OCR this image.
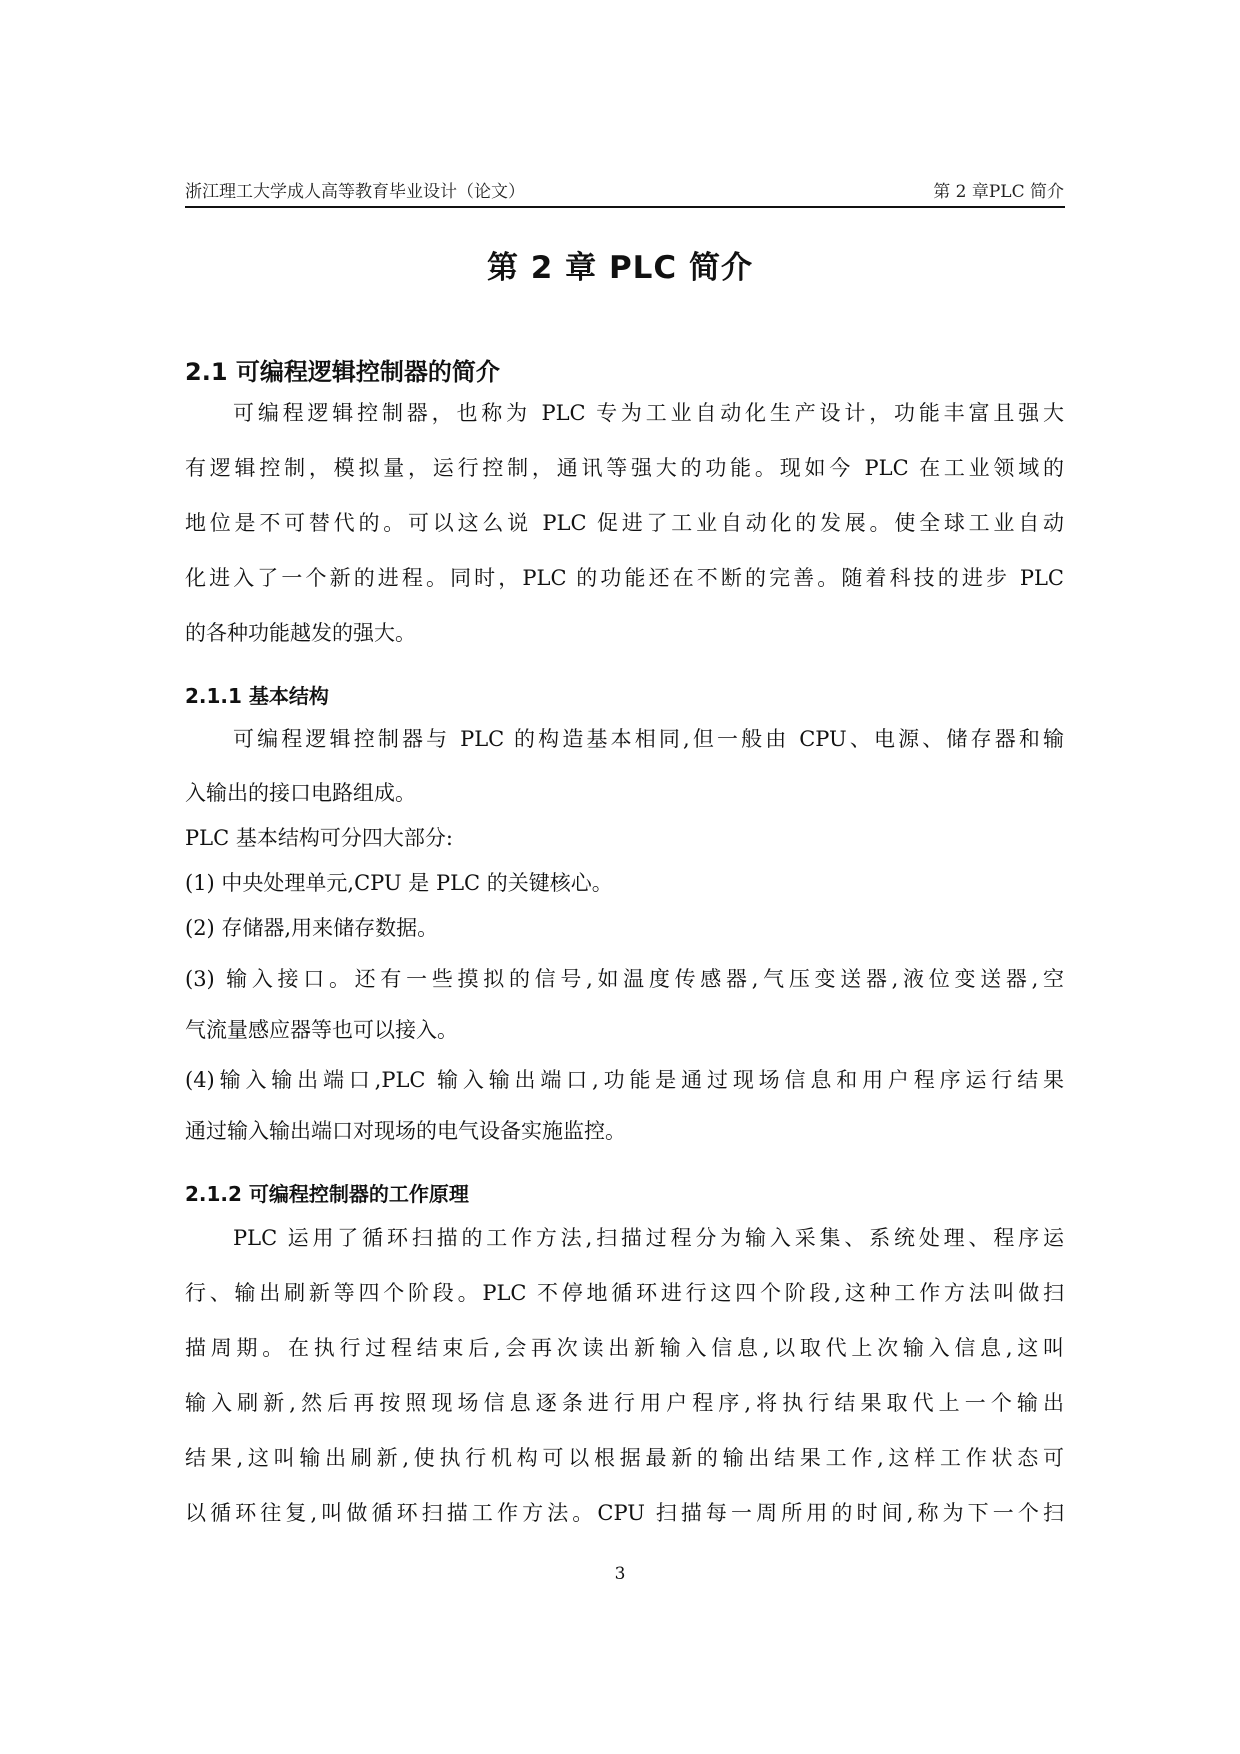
浙江理工大学成人高等教育毕业设计（论文）	第 2 章PLC 简介
第 2 章 PLC 简介
2.1 可编程逻辑控制器的简介
可编程逻辑控制器，也称为 PLC 专为工业自动化生产设计，功能丰富且强大
有逻辑控制，模拟量，运行控制，通讯等强大的功能。现如今 PLC 在工业领域的
地位是不可替代的。可以这么说 PLC 促进了工业自动化的发展。使全球工业自动
化进入了一个新的进程。同时，PLC 的功能还在不断的完善。随着科技的进步 PLC
的各种功能越发的强大。
2.1.1 基本结构
可编程逻辑控制器与 PLC 的构造基本相同,但一般由 CPU、电源、储存器和输
入输出的接口电路组成。
PLC 基本结构可分四大部分:
(1) 中央处理单元,CPU 是 PLC 的关键核心。
(2) 存储器,用来储存数据。
(3) 输入接口。还有一些摸拟的信号,如温度传感器,气压变送器,液位变送器,空
气流量感应器等也可以接入。
(4)输入输出端口,PLC 输入输出端口,功能是通过现场信息和用户程序运行结果
通过输入输出端口对现场的电气设备实施监控。
2.1.2 可编程控制器的工作原理
PLC 运用了循环扫描的工作方法,扫描过程分为输入采集、系统处理、程序运
行、输出刷新等四个阶段。PLC 不停地循环进行这四个阶段,这种工作方法叫做扫
描周期。在执行过程结束后,会再次读出新输入信息,以取代上次输入信息,这叫
输入刷新,然后再按照现场信息逐条进行用户程序,将执行结果取代上一个输出
结果,这叫输出刷新,使执行机构可以根据最新的输出结果工作,这样工作状态可
以循环往复,叫做循环扫描工作方法。CPU 扫描每一周所用的时间,称为下一个扫
3
